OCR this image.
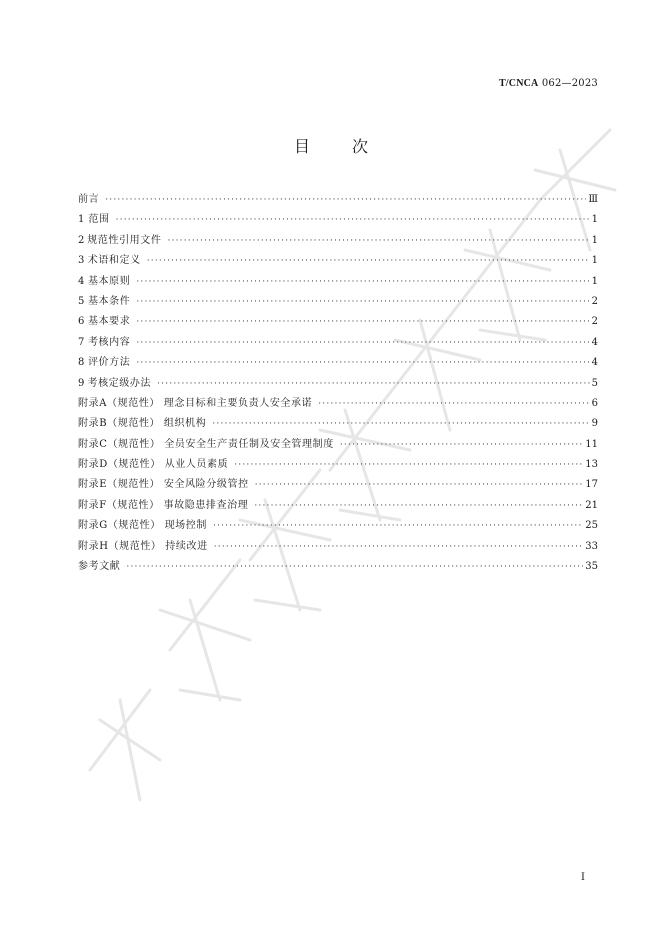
T/CNCA 062—2023
目次
前言 ·····	Ⅲ
1 范围 ·····	1
2 规范性引用文件 ·····	1
3 术语和定义 ·····	1
4 基本原则 ·····	1
5 基本条件 ·····	2
6 基本要求 ·····	2
7 考核内容 ·····	4
8 评价方法 ·····	4
9 考核定级办法 ·····	5
附录A（规范性） 理念目标和主要负责人安全承诺 ·····	6
附录B（规范性） 组织机构 ·····	9
附录C（规范性） 全员安全生产责任制及安全管理制度 ·····	11
附录D（规范性） 从业人员素质 ·····	13
附录E（规范性） 安全风险分级管控 ·····	17
附录F（规范性） 事故隐患排查治理 ·····	21
附录G（规范性） 现场控制 ·····	25
附录H（规范性） 持续改进 ·····	33
参考文献 ·····	35
Ⅰ
